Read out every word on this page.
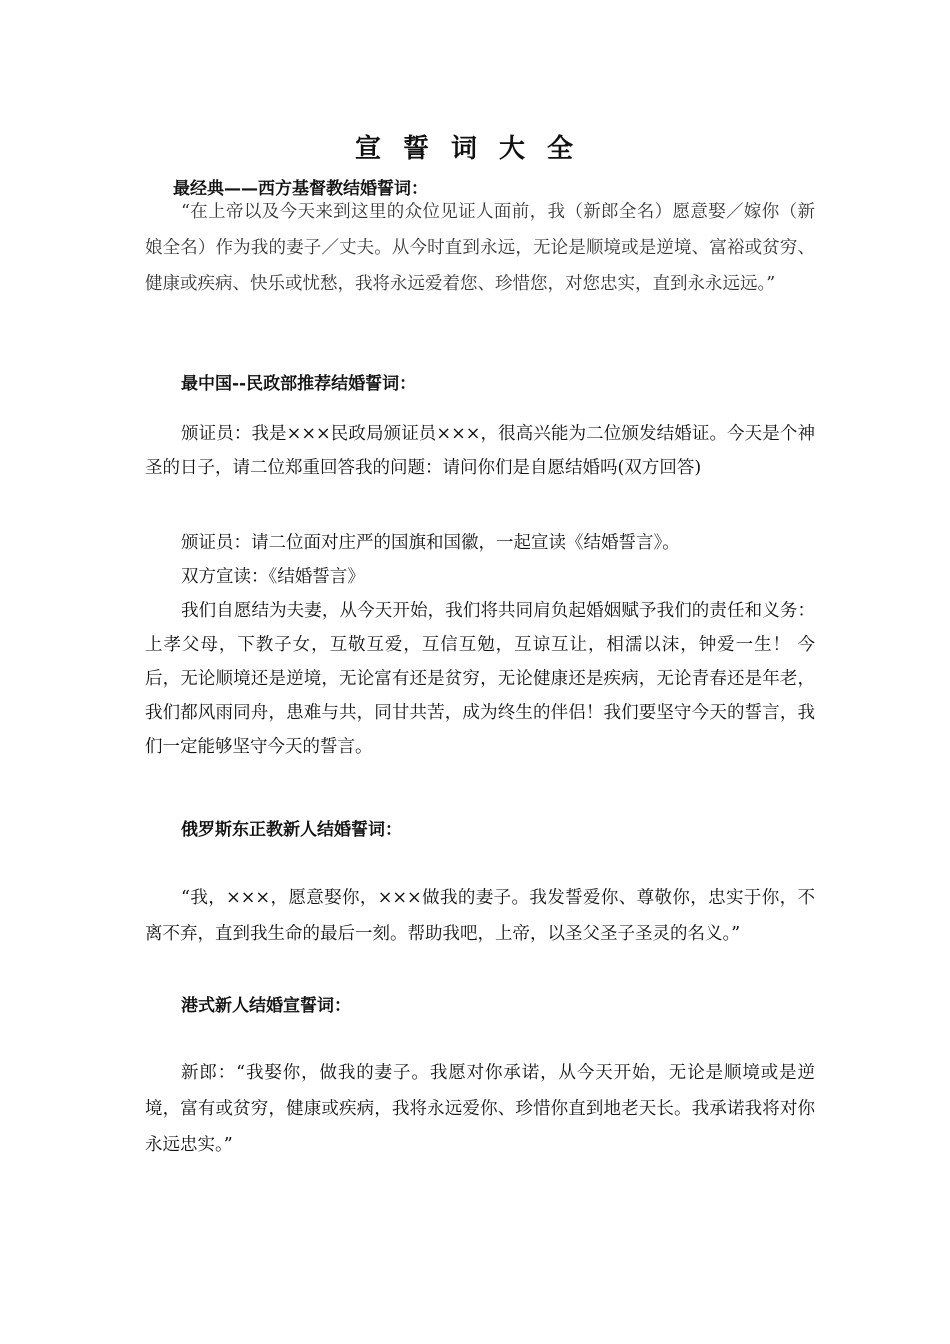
宣誓词大全
最经典——西方基督教结婚誓词：

“在上帝以及今天来到这里的众位见证人面前，我（新郎全名）愿意娶／嫁你（新娘全名）作为我的妻子／丈夫。从今时直到永远，无论是顺境或是逆境、富裕或贫穷、健康或疾病、快乐或忧愁，我将永远爱着您、珍惜您，对您忠实，直到永永远远。”

最中国--民政部推荐结婚誓词：

颁证员：我是×××民政局颁证员×××，很高兴能为二位颁发结婚证。今天是个神圣的日子，请二位郑重回答我的问题：请问你们是自愿结婚吗(双方回答)

颁证员：请二位面对庄严的国旗和国徽，一起宣读《结婚誓言》。
双方宣读：《结婚誓言》

我们自愿结为夫妻，从今天开始，我们将共同肩负起婚姻赋予我们的责任和义务：上孝父母，下教子女，互敬互爱，互信互勉，互谅互让，相濡以沫，钟爱一生！ 今后，无论顺境还是逆境，无论富有还是贫穷，无论健康还是疾病，无论青春还是年老，我们都风雨同舟，患难与共，同甘共苦，成为终生的伴侣！我们要坚守今天的誓言，我们一定能够坚守今天的誓言。

俄罗斯东正教新人结婚誓词：

“我，×××，愿意娶你，×××做我的妻子。我发誓爱你、尊敬你，忠实于你，不离不弃，直到我生命的最后一刻。帮助我吧，上帝，以圣父圣子圣灵的名义。”

港式新人结婚宣誓词：

新郎：“我娶你，做我的妻子。我愿对你承诺，从今天开始，无论是顺境或是逆境，富有或贫穷，健康或疾病，我将永远爱你、珍惜你直到地老天长。我承诺我将对你永远忠实。”
